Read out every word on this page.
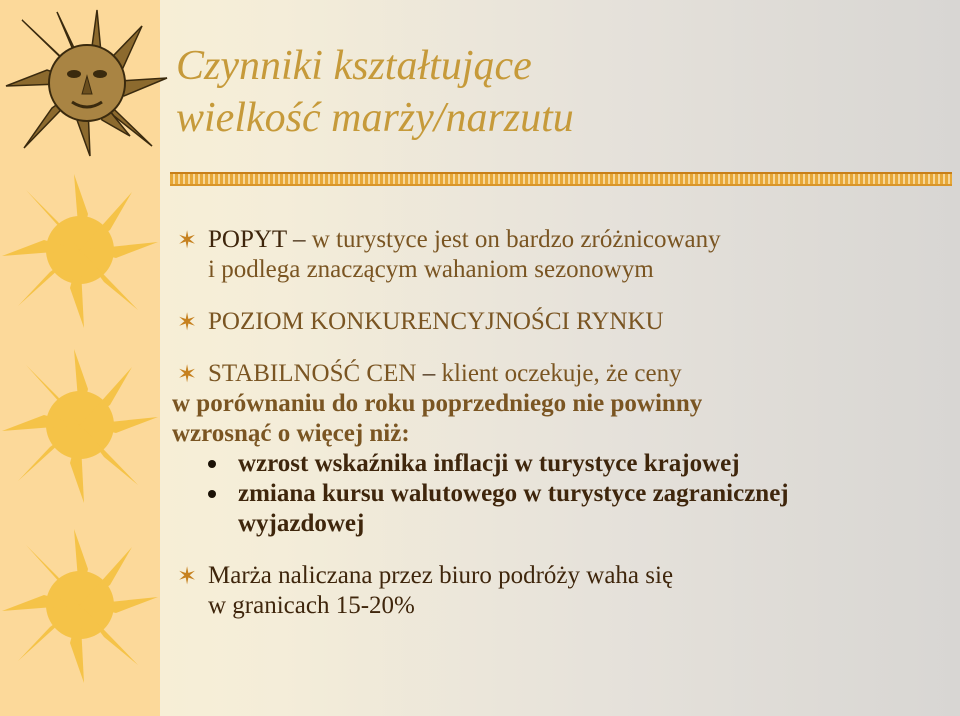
Czynniki kształtujące
wielkość marży/narzutu
✶ POPYT – w turystyce jest on bardzo zróżnicowany
i podlega znaczącym wahaniom sezonowym
✶ POZIOM KONKURENCYJNOŚCI RYNKU
✶ STABILNOŚĆ CEN – klient oczekuje, że ceny
w porównaniu do roku poprzedniego nie powinny
wzrosnąć o więcej niż:
wzrost wskaźnika inflacji w turystyce krajowej
zmiana kursu walutowego w turystyce zagranicznej
wyjazdowej
✶ Marża naliczana przez biuro podróży waha się
w granicach 15-20%
